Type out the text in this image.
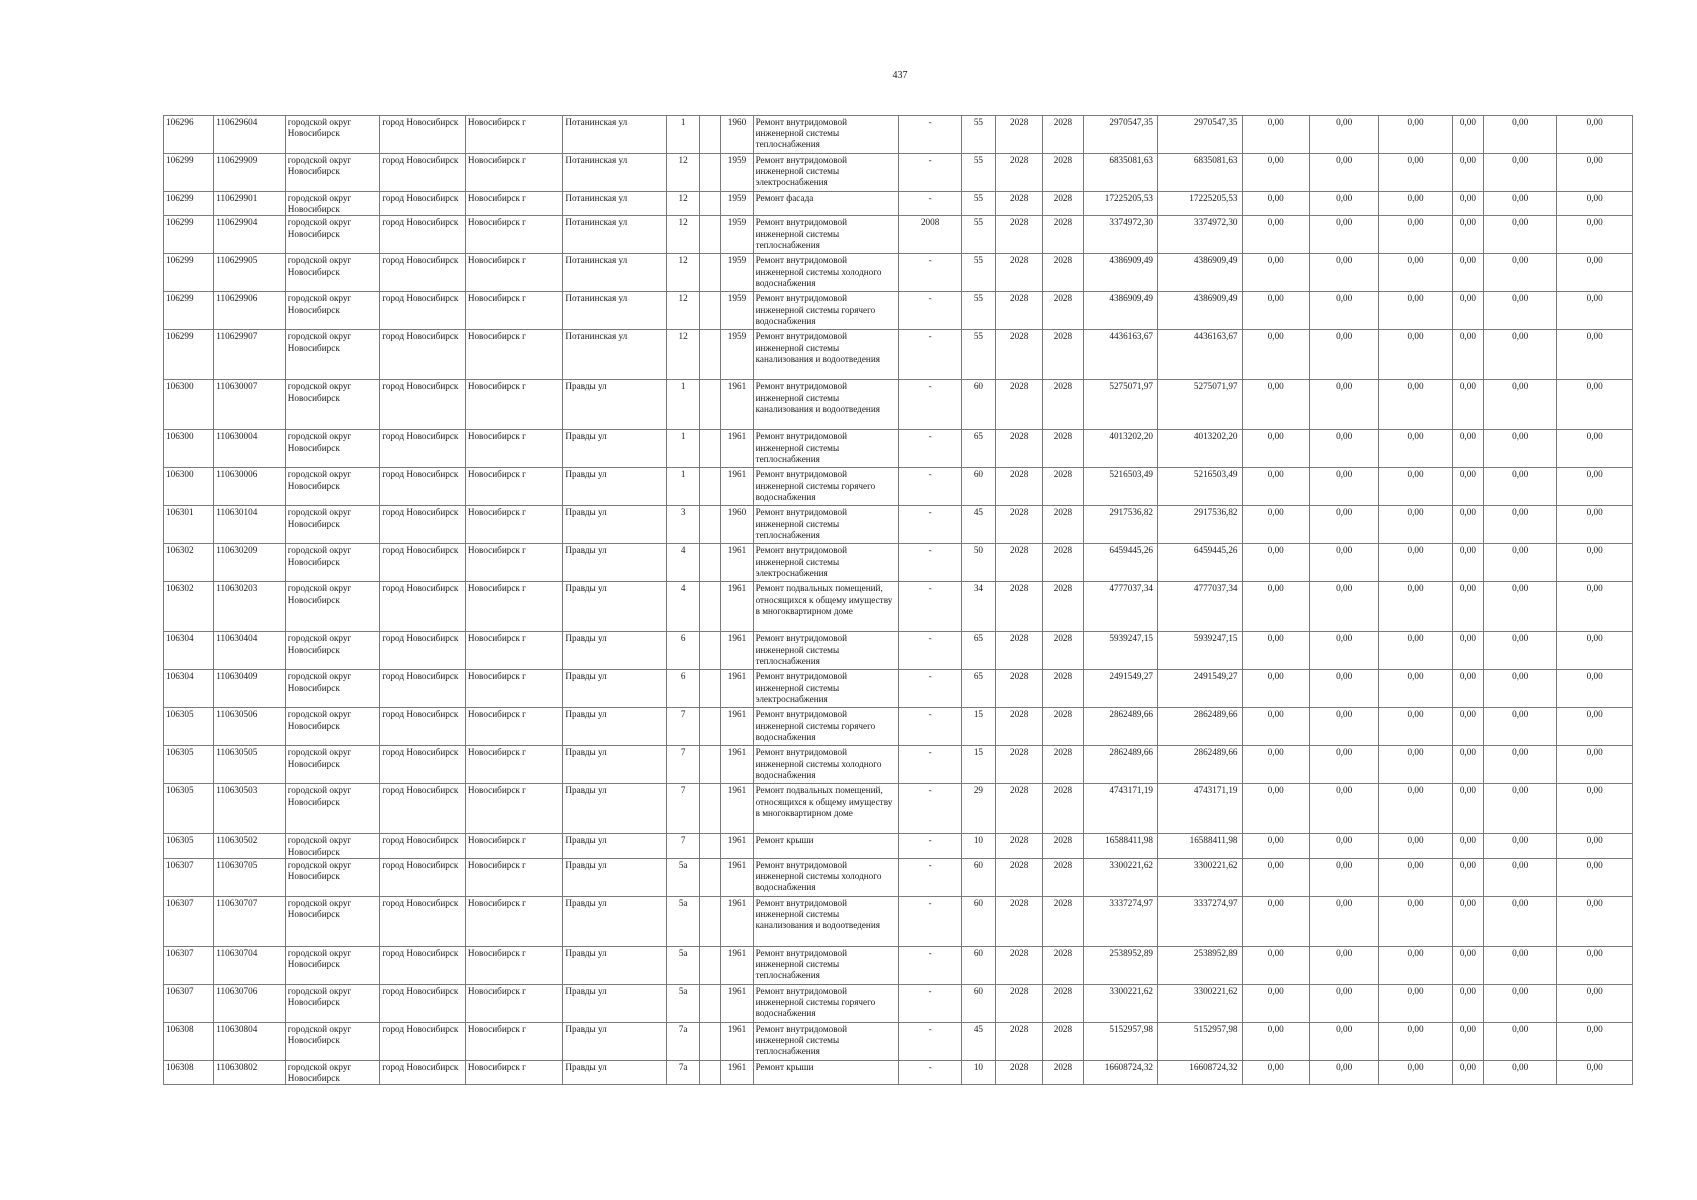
437
106296	110629604	городской округ Новосибирск	город Новосибирск	Новосибирск г	Потанинская ул	1		1960	Ремонт внутридомовой инженерной системы теплоснабжения	-	55	2028	2028	2970547,35	2970547,35	0,00	0,00	0,00	0,00	0,00	0,00
106299	110629909	городской округ Новосибирск	город Новосибирск	Новосибирск г	Потанинская ул	12		1959	Ремонт внутридомовой инженерной системы электроснабжения	-	55	2028	2028	6835081,63	6835081,63	0,00	0,00	0,00	0,00	0,00	0,00
106299	110629901	городской округ Новосибирск	город Новосибирск	Новосибирск г	Потанинская ул	12		1959	Ремонт фасада	-	55	2028	2028	17225205,53	17225205,53	0,00	0,00	0,00	0,00	0,00	0,00
106299	110629904	городской округ Новосибирск	город Новосибирск	Новосибирск г	Потанинская ул	12		1959	Ремонт внутридомовой инженерной системы теплоснабжения	2008	55	2028	2028	3374972,30	3374972,30	0,00	0,00	0,00	0,00	0,00	0,00
106299	110629905	городской округ Новосибирск	город Новосибирск	Новосибирск г	Потанинская ул	12		1959	Ремонт внутридомовой инженерной системы холодного водоснабжения	-	55	2028	2028	4386909,49	4386909,49	0,00	0,00	0,00	0,00	0,00	0,00
106299	110629906	городской округ Новосибирск	город Новосибирск	Новосибирск г	Потанинская ул	12		1959	Ремонт внутридомовой инженерной системы горячего водоснабжения	-	55	2028	2028	4386909,49	4386909,49	0,00	0,00	0,00	0,00	0,00	0,00
106299	110629907	городской округ Новосибирск	город Новосибирск	Новосибирск г	Потанинская ул	12		1959	Ремонт внутридомовой инженерной системы канализования и водоотведения	-	55	2028	2028	4436163,67	4436163,67	0,00	0,00	0,00	0,00	0,00	0,00
106300	110630007	городской округ Новосибирск	город Новосибирск	Новосибирск г	Правды ул	1		1961	Ремонт внутридомовой инженерной системы канализования и водоотведения	-	60	2028	2028	5275071,97	5275071,97	0,00	0,00	0,00	0,00	0,00	0,00
106300	110630004	городской округ Новосибирск	город Новосибирск	Новосибирск г	Правды ул	1		1961	Ремонт внутридомовой инженерной системы теплоснабжения	-	65	2028	2028	4013202,20	4013202,20	0,00	0,00	0,00	0,00	0,00	0,00
106300	110630006	городской округ Новосибирск	город Новосибирск	Новосибирск г	Правды ул	1		1961	Ремонт внутридомовой инженерной системы горячего водоснабжения	-	60	2028	2028	5216503,49	5216503,49	0,00	0,00	0,00	0,00	0,00	0,00
106301	110630104	городской округ Новосибирск	город Новосибирск	Новосибирск г	Правды ул	3		1960	Ремонт внутридомовой инженерной системы теплоснабжения	-	45	2028	2028	2917536,82	2917536,82	0,00	0,00	0,00	0,00	0,00	0,00
106302	110630209	городской округ Новосибирск	город Новосибирск	Новосибирск г	Правды ул	4		1961	Ремонт внутридомовой инженерной системы электроснабжения	-	50	2028	2028	6459445,26	6459445,26	0,00	0,00	0,00	0,00	0,00	0,00
106302	110630203	городской округ Новосибирск	город Новосибирск	Новосибирск г	Правды ул	4		1961	Ремонт подвальных помещений, относящихся к общему имуществу в многоквартирном доме	-	34	2028	2028	4777037,34	4777037,34	0,00	0,00	0,00	0,00	0,00	0,00
106304	110630404	городской округ Новосибирск	город Новосибирск	Новосибирск г	Правды ул	6		1961	Ремонт внутридомовой инженерной системы теплоснабжения	-	65	2028	2028	5939247,15	5939247,15	0,00	0,00	0,00	0,00	0,00	0,00
106304	110630409	городской округ Новосибирск	город Новосибирск	Новосибирск г	Правды ул	6		1961	Ремонт внутридомовой инженерной системы электроснабжения	-	65	2028	2028	2491549,27	2491549,27	0,00	0,00	0,00	0,00	0,00	0,00
106305	110630506	городской округ Новосибирск	город Новосибирск	Новосибирск г	Правды ул	7		1961	Ремонт внутридомовой инженерной системы горячего водоснабжения	-	15	2028	2028	2862489,66	2862489,66	0,00	0,00	0,00	0,00	0,00	0,00
106305	110630505	городской округ Новосибирск	город Новосибирск	Новосибирск г	Правды ул	7		1961	Ремонт внутридомовой инженерной системы холодного водоснабжения	-	15	2028	2028	2862489,66	2862489,66	0,00	0,00	0,00	0,00	0,00	0,00
106305	110630503	городской округ Новосибирск	город Новосибирск	Новосибирск г	Правды ул	7		1961	Ремонт подвальных помещений, относящихся к общему имуществу в многоквартирном доме	-	29	2028	2028	4743171,19	4743171,19	0,00	0,00	0,00	0,00	0,00	0,00
106305	110630502	городской округ Новосибирск	город Новосибирск	Новосибирск г	Правды ул	7		1961	Ремонт крыши	-	10	2028	2028	16588411,98	16588411,98	0,00	0,00	0,00	0,00	0,00	0,00
106307	110630705	городской округ Новосибирск	город Новосибирск	Новосибирск г	Правды ул	5а		1961	Ремонт внутридомовой инженерной системы холодного водоснабжения	-	60	2028	2028	3300221,62	3300221,62	0,00	0,00	0,00	0,00	0,00	0,00
106307	110630707	городской округ Новосибирск	город Новосибирск	Новосибирск г	Правды ул	5а		1961	Ремонт внутридомовой инженерной системы канализования и водоотведения	-	60	2028	2028	3337274,97	3337274,97	0,00	0,00	0,00	0,00	0,00	0,00
106307	110630704	городской округ Новосибирск	город Новосибирск	Новосибирск г	Правды ул	5а		1961	Ремонт внутридомовой инженерной системы теплоснабжения	-	60	2028	2028	2538952,89	2538952,89	0,00	0,00	0,00	0,00	0,00	0,00
106307	110630706	городской округ Новосибирск	город Новосибирск	Новосибирск г	Правды ул	5а		1961	Ремонт внутридомовой инженерной системы горячего водоснабжения	-	60	2028	2028	3300221,62	3300221,62	0,00	0,00	0,00	0,00	0,00	0,00
106308	110630804	городской округ Новосибирск	город Новосибирск	Новосибирск г	Правды ул	7а		1961	Ремонт внутридомовой инженерной системы теплоснабжения	-	45	2028	2028	5152957,98	5152957,98	0,00	0,00	0,00	0,00	0,00	0,00
106308	110630802	городской округ Новосибирск	город Новосибирск	Новосибирск г	Правды ул	7а		1961	Ремонт крыши	-	10	2028	2028	16608724,32	16608724,32	0,00	0,00	0,00	0,00	0,00	0,00
